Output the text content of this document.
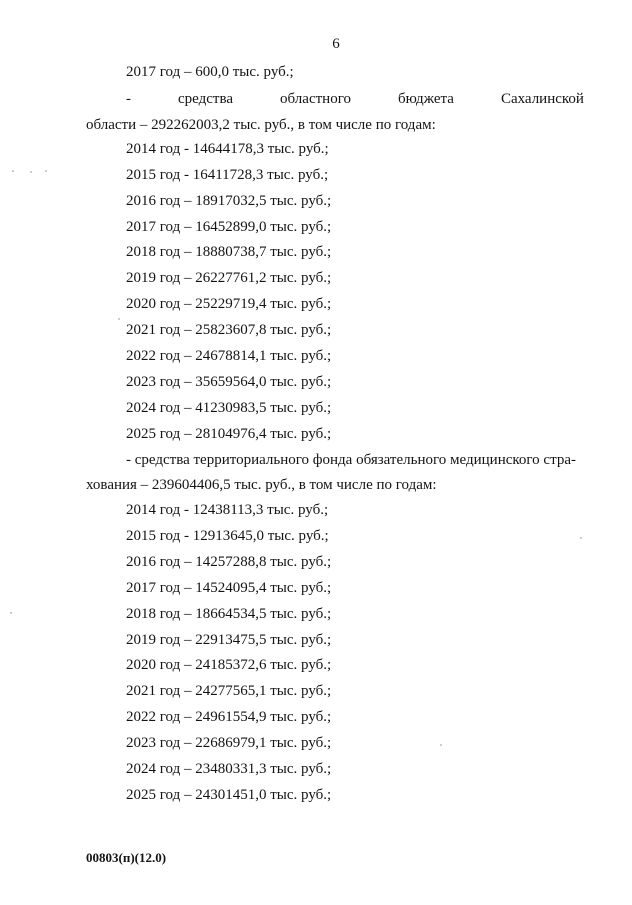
6
2017 год – 600,0 тыс. руб.;
-	средства	областного	бюджета	Сахалинской
области – 292262003,2 тыс. руб., в том числе по годам:
2014 год - 14644178,3 тыс. руб.;
2015 год - 16411728,3 тыс. руб.;
2016 год – 18917032,5 тыс. руб.;
2017 год – 16452899,0 тыс. руб.;
2018 год – 18880738,7 тыс. руб.;
2019 год – 26227761,2 тыс. руб.;
2020 год – 25229719,4 тыс. руб.;
2021 год – 25823607,8 тыс. руб.;
2022 год – 24678814,1 тыс. руб.;
2023 год – 35659564,0 тыс. руб.;
2024 год – 41230983,5 тыс. руб.;
2025 год – 28104976,4 тыс. руб.;
- средства территориального фонда обязательного медицинского стра-
хования – 239604406,5 тыс. руб., в том числе по годам:
2014 год - 12438113,3 тыс. руб.;
2015 год - 12913645,0 тыс. руб.;
2016 год – 14257288,8 тыс. руб.;
2017 год – 14524095,4 тыс. руб.;
2018 год – 18664534,5 тыс. руб.;
2019 год – 22913475,5 тыс. руб.;
2020 год – 24185372,6 тыс. руб.;
2021 год – 24277565,1 тыс. руб.;
2022 год – 24961554,9 тыс. руб.;
2023 год – 22686979,1 тыс. руб.;
2024 год – 23480331,3 тыс. руб.;
2025 год – 24301451,0 тыс. руб.;
00803(п)(12.0)
